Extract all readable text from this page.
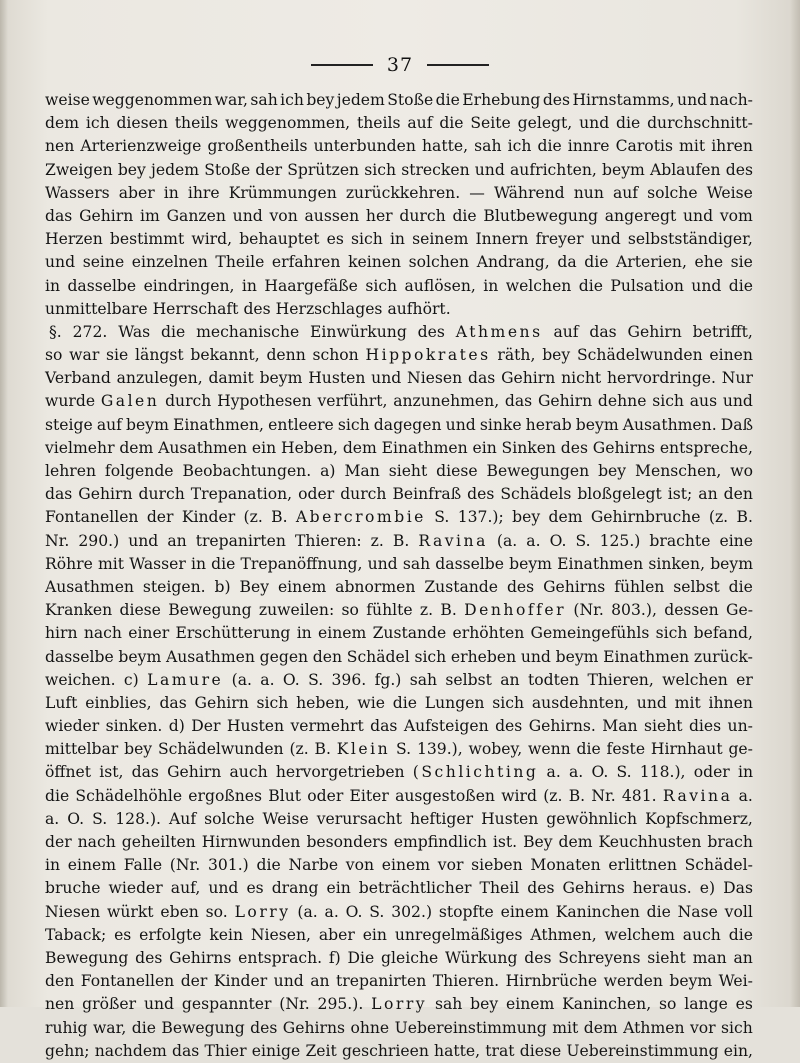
37
weise weggenommen war, sah ich bey jedem Stoße die Erhebung des Hirnstamms, und nach-
dem ich diesen theils weggenommen, theils auf die Seite gelegt, und die durchschnitt-
nen Arterienzweige großentheils unterbunden hatte, sah ich die innre Carotis mit ihren
Zweigen bey jedem Stoße der Sprützen sich strecken und aufrichten, beym Ablaufen des
Wassers aber in ihre Krümmungen zurückkehren. — Während nun auf solche Weise
das Gehirn im Ganzen und von aussen her durch die Blutbewegung angeregt und vom
Herzen bestimmt wird, behauptet es sich in seinem Innern freyer und selbstständiger,
und seine einzelnen Theile erfahren keinen solchen Andrang, da die Arterien, ehe sie
in dasselbe eindringen, in Haargefäße sich auflösen, in welchen die Pulsation und die
unmittelbare Herrschaft des Herzschlages aufhört.
§. 272. Was die mechanische Einwürkung des Athmens auf das Gehirn betrifft,
so war sie längst bekannt, denn schon Hippokrates räth, bey Schädelwunden einen
Verband anzulegen, damit beym Husten und Niesen das Gehirn nicht hervordringe. Nur
wurde Galen durch Hypothesen verführt, anzunehmen, das Gehirn dehne sich aus und
steige auf beym Einathmen, entleere sich dagegen und sinke herab beym Ausathmen. Daß
vielmehr dem Ausathmen ein Heben, dem Einathmen ein Sinken des Gehirns entspreche,
lehren folgende Beobachtungen. a) Man sieht diese Bewegungen bey Menschen, wo
das Gehirn durch Trepanation, oder durch Beinfraß des Schädels bloßgelegt ist; an den
Fontanellen der Kinder (z. B. Abercrombie S. 137.); bey dem Gehirnbruche (z. B.
Nr. 290.) und an trepanirten Thieren: z. B. Ravina (a. a. O. S. 125.) brachte eine
Röhre mit Wasser in die Trepanöffnung, und sah dasselbe beym Einathmen sinken, beym
Ausathmen steigen. b) Bey einem abnormen Zustande des Gehirns fühlen selbst die
Kranken diese Bewegung zuweilen: so fühlte z. B. Denhoffer (Nr. 803.), dessen Ge-
hirn nach einer Erschütterung in einem Zustande erhöhten Gemeingefühls sich befand,
dasselbe beym Ausathmen gegen den Schädel sich erheben und beym Einathmen zurück-
weichen. c) Lamure (a. a. O. S. 396. fg.) sah selbst an todten Thieren, welchen er
Luft einblies, das Gehirn sich heben, wie die Lungen sich ausdehnten, und mit ihnen
wieder sinken. d) Der Husten vermehrt das Aufsteigen des Gehirns. Man sieht dies un-
mittelbar bey Schädelwunden (z. B. Klein S. 139.), wobey, wenn die feste Hirnhaut ge-
öffnet ist, das Gehirn auch hervorgetrieben (Schlichting a. a. O. S. 118.), oder in
die Schädelhöhle ergoßnes Blut oder Eiter ausgestoßen wird (z. B. Nr. 481. Ravina a.
a. O. S. 128.). Auf solche Weise verursacht heftiger Husten gewöhnlich Kopfschmerz,
der nach geheilten Hirnwunden besonders empfindlich ist. Bey dem Keuchhusten brach
in einem Falle (Nr. 301.) die Narbe von einem vor sieben Monaten erlittnen Schädel-
bruche wieder auf, und es drang ein beträchtlicher Theil des Gehirns heraus. e) Das
Niesen würkt eben so. Lorry (a. a. O. S. 302.) stopfte einem Kaninchen die Nase voll
Taback; es erfolgte kein Niesen, aber ein unregelmäßiges Athmen, welchem auch die
Bewegung des Gehirns entsprach. f) Die gleiche Würkung des Schreyens sieht man an
den Fontanellen der Kinder und an trepanirten Thieren. Hirnbrüche werden beym Wei-
nen größer und gespannter (Nr. 295.). Lorry sah bey einem Kaninchen, so lange es
ruhig war, die Bewegung des Gehirns ohne Uebereinstimmung mit dem Athmen vor sich
gehn; nachdem das Thier einige Zeit geschrieen hatte, trat diese Uebereinstimmung ein,
